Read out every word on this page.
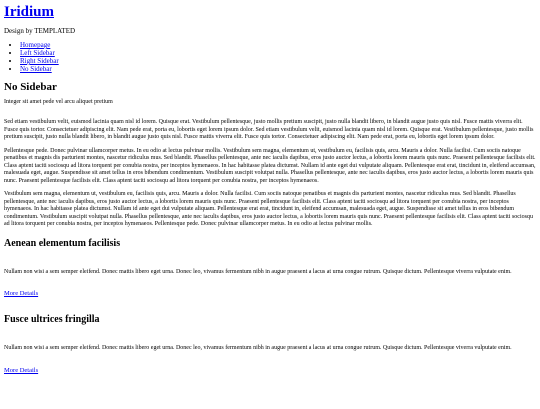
Iridium
Design by TEMPLATED
• Homepage
• Left Sidebar
• Right Sidebar
• No Sidebar
No Sidebar
Integer sit amet pede vel arcu aliquet pretium

Sed etiam vestibulum velit, euismod lacinia quam nisl id lorem. Quisque erat. Vestibulum pellentesque, justo mollis pretium suscipit, justo nulla blandit libero, in blandit augue justo quis nisl. Fusce mattis viverra elit. Fusce quis tortor. Consectetuer adipiscing elit. Nam pede erat, porta eu, lobortis eget lorem ipsum dolor. Sed etiam vestibulum velit, euismod lacinia quam nisl id lorem. Quisque erat. Vestibulum pellentesque, justo mollis pretium suscipit, justo nulla blandit libero, in blandit augue justo quis nisl. Fusce mattis viverra elit. Fusce quis tortor. Consectetuer adipiscing elit. Nam pede erat, porta eu, lobortis eget lorem ipsum dolor.

Pellentesque pede. Donec pulvinar ullamcorper metus. In eu odio at lectus pulvinar mollis. Vestibulum sem magna, elementum ut, vestibulum eu, facilisis quis, arcu. Mauris a dolor. Nulla facilisi. Cum sociis natoque penatibus et magnis dis parturient montes, nascetur ridiculus mus. Sed blandit. Phasellus pellentesque, ante nec iaculis dapibus, eros justo auctor lectus, a lobortis lorem mauris quis nunc. Praesent pellentesque facilisis elit. Class aptent taciti sociosqu ad litora torquent per conubia nostra, per inceptos hymenaeos. In hac habitasse platea dictumst. Nullam id ante eget dui vulputate aliquam. Pellentesque erat erat, tincidunt in, eleifend accumsan, malesuada eget, augue. Suspendisse sit amet tellus in eros bibendum condimentum. Vestibulum suscipit volutpat nulla. Phasellus pellentesque, ante nec iaculis dapibus, eros justo auctor lectus, a lobortis lorem mauris quis nunc. Praesent pellentesque facilisis elit. Class aptent taciti sociosqu ad litora torquent per conubia nostra, per inceptos hymenaeos.

Vestibulum sem magna, elementum ut, vestibulum eu, facilisis quis, arcu. Mauris a dolor. Nulla facilisi. Cum sociis natoque penatibus et magnis dis parturient montes, nascetur ridiculus mus. Sed blandit. Phasellus pellentesque, ante nec iaculis dapibus, eros justo auctor lectus, a lobortis lorem mauris quis nunc. Praesent pellentesque facilisis elit. Class aptent taciti sociosqu ad litora torquent per conubia nostra, per inceptos hymenaeos. In hac habitasse platea dictumst. Nullam id ante eget dui vulputate aliquam. Pellentesque erat erat, tincidunt in, eleifend accumsan, malesuada eget, augue. Suspendisse sit amet tellus in eros bibendum condimentum. Vestibulum suscipit volutpat nulla. Phasellus pellentesque, ante nec iaculis dapibus, eros justo auctor lectus, a lobortis lorem mauris quis nunc. Praesent pellentesque facilisis elit. Class aptent taciti sociosqu ad litora torquent per conubia nostra, per inceptos hymenaeos. Pellentesque pede. Donec pulvinar ullamcorper metus. In eu odio at lectus pulvinar mollis.

Aenean elementum facilisis

Nullam non wisi a sem semper eleifend. Donec mattis libero eget urna. Donec leo, vivamus fermentum nibh in augue praesent a lacus at urna congue rutrum. Quisque dictum. Pellentesque viverra vulputate enim.

More Details
Fusce ultrices fringilla

Nullam non wisi a sem semper eleifend. Donec mattis libero eget urna. Donec leo, vivamus fermentum nibh in augue praesent a lacus at urna congue rutrum. Quisque dictum. Pellentesque viverra vulputate enim.

More Details
